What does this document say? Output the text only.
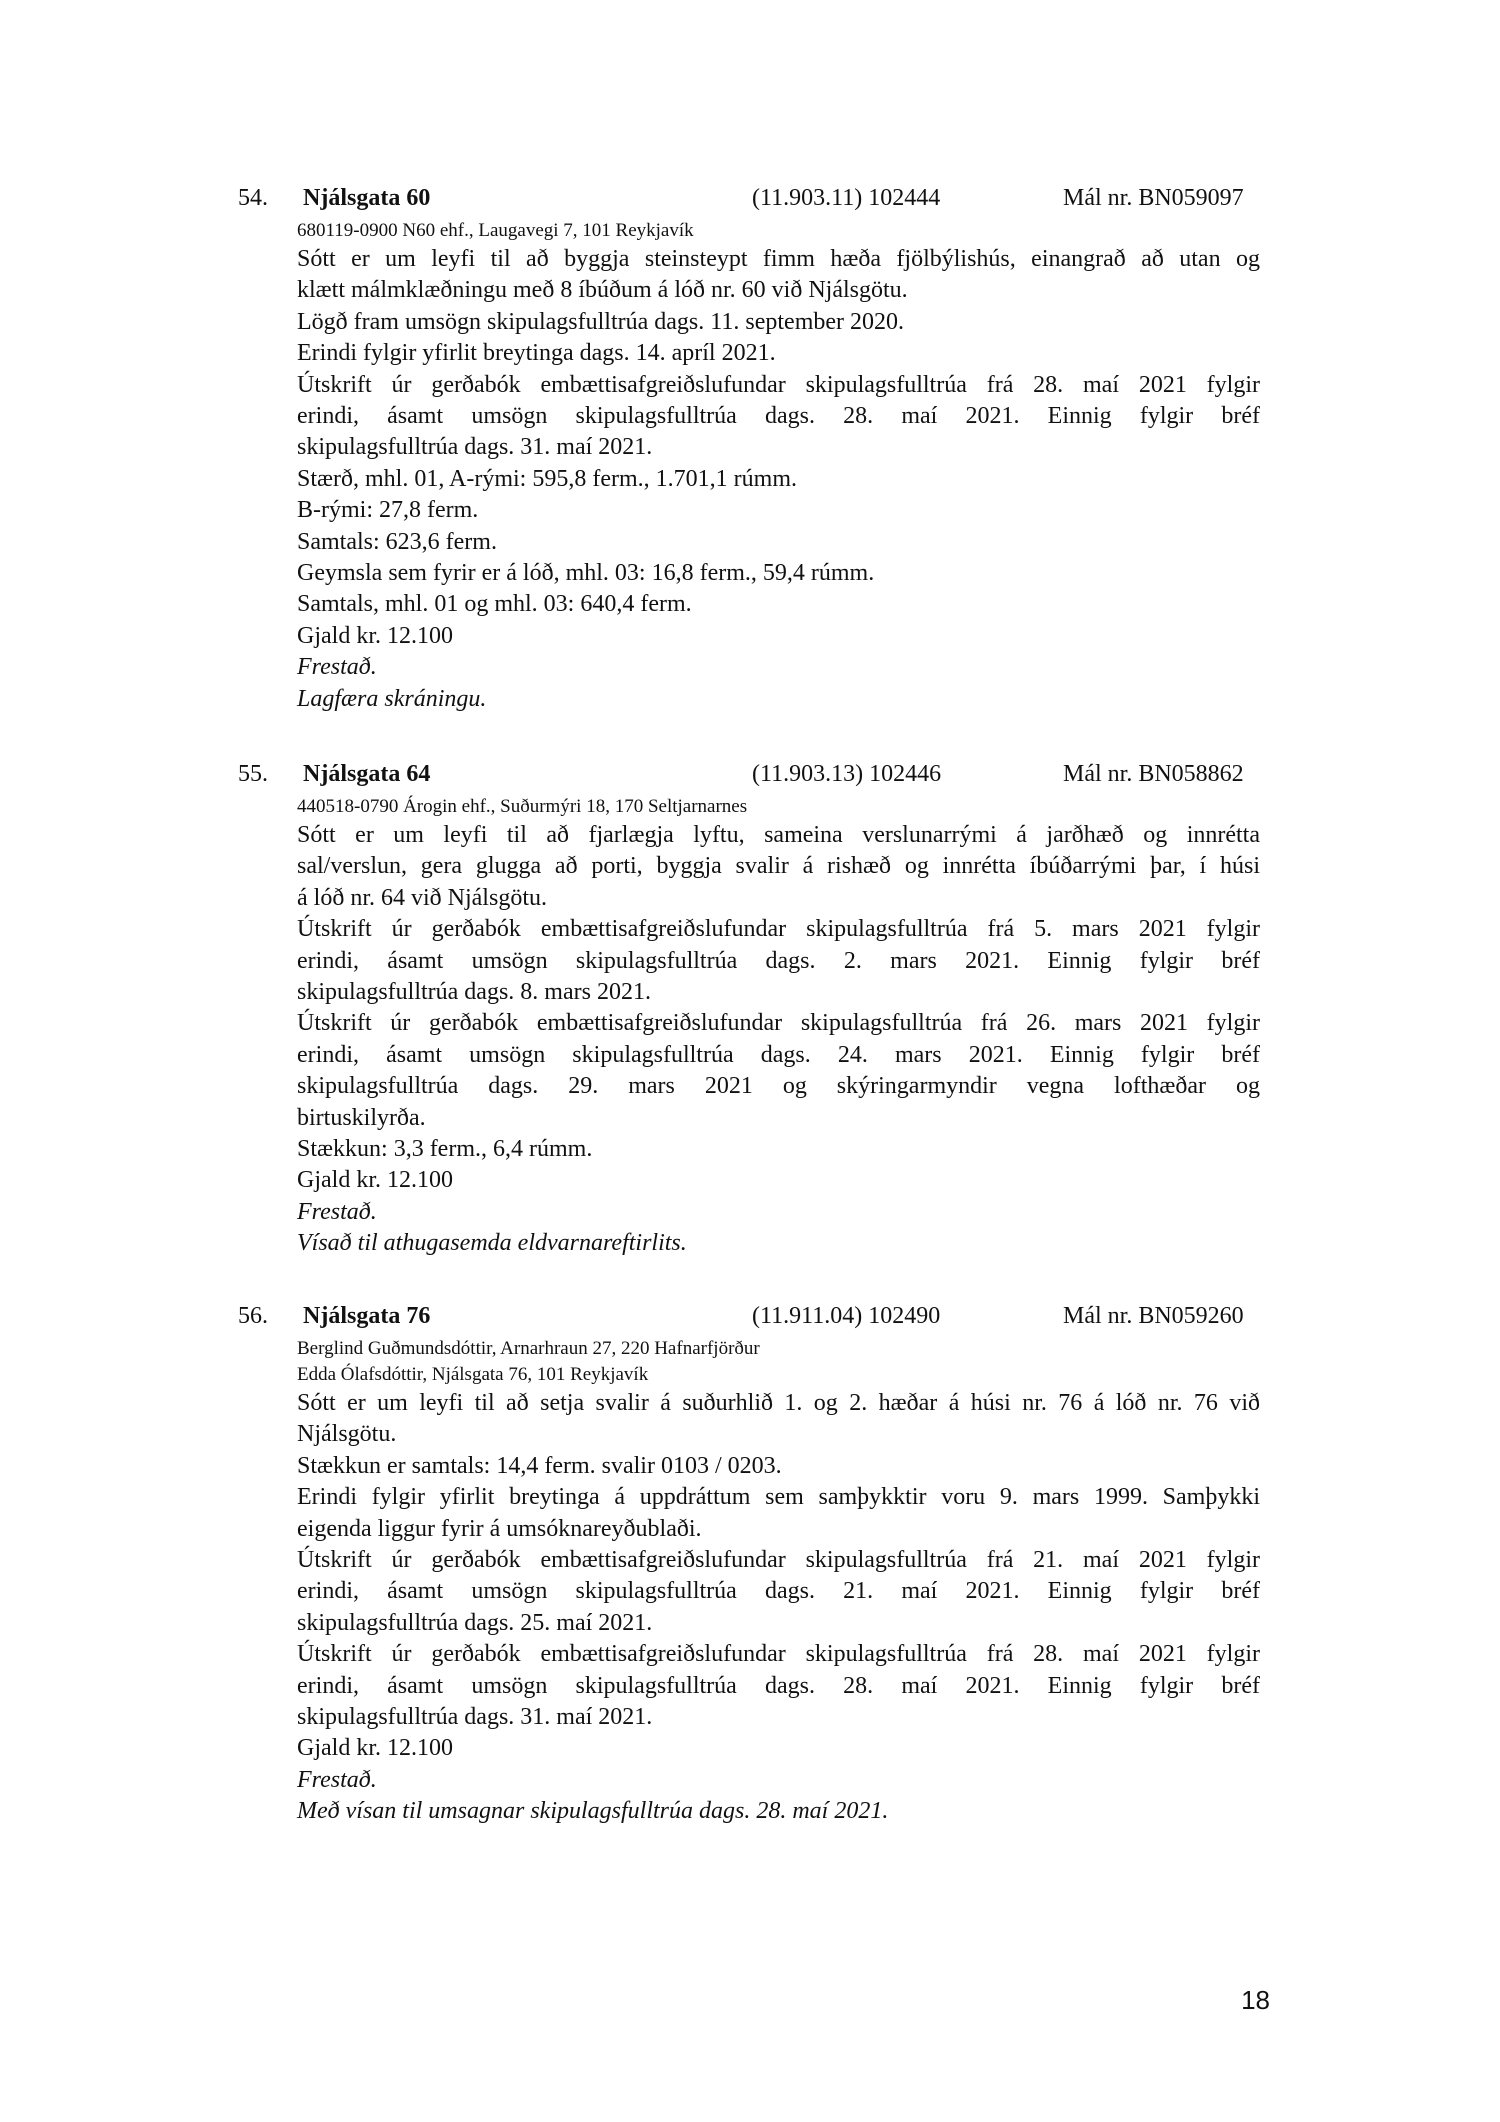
54. Njálsgata 60	(11.903.11) 102444	Mál nr. BN059097
680119-0900 N60 ehf., Laugavegi 7, 101 Reykjavík
Sótt er um leyfi til að byggja steinsteypt fimm hæða fjölbýlishús, einangrað að utan og
klætt málmklæðningu með 8 íbúðum á lóð nr. 60 við Njálsgötu.
Lögð fram umsögn skipulagsfulltrúa dags. 11. september 2020.
Erindi fylgir yfirlit breytinga dags. 14. apríl 2021.
Útskrift úr gerðabók embættisafgreiðslufundar skipulagsfulltrúa frá 28. maí 2021 fylgir
erindi, ásamt umsögn skipulagsfulltrúa dags. 28. maí 2021. Einnig fylgir bréf
skipulagsfulltrúa dags. 31. maí 2021.
Stærð, mhl. 01, A-rými: 595,8 ferm., 1.701,1 rúmm.
B-rými: 27,8 ferm.
Samtals: 623,6 ferm.
Geymsla sem fyrir er á lóð, mhl. 03: 16,8 ferm., 59,4 rúmm.
Samtals, mhl. 01 og mhl. 03: 640,4 ferm.
Gjald kr. 12.100
Frestað.
Lagfæra skráningu.
55. Njálsgata 64	(11.903.13) 102446	Mál nr. BN058862
440518-0790 Árogin ehf., Suðurmýri 18, 170 Seltjarnarnes
Sótt er um leyfi til að fjarlægja lyftu, sameina verslunarrými á jarðhæð og innrétta
sal/verslun, gera glugga að porti, byggja svalir á rishæð og innrétta íbúðarrými þar, í húsi
á lóð nr. 64 við Njálsgötu.
Útskrift úr gerðabók embættisafgreiðslufundar skipulagsfulltrúa frá 5. mars 2021 fylgir
erindi, ásamt umsögn skipulagsfulltrúa dags. 2. mars 2021. Einnig fylgir bréf
skipulagsfulltrúa dags. 8. mars 2021.
Útskrift úr gerðabók embættisafgreiðslufundar skipulagsfulltrúa frá 26. mars 2021 fylgir
erindi, ásamt umsögn skipulagsfulltrúa dags. 24. mars 2021. Einnig fylgir bréf
skipulagsfulltrúa dags. 29. mars 2021 og skýringarmyndir vegna lofthæðar og
birtuskilyrða.
Stækkun: 3,3 ferm., 6,4 rúmm.
Gjald kr. 12.100
Frestað.
Vísað til athugasemda eldvarnareftirlits.
56. Njálsgata 76	(11.911.04) 102490	Mál nr. BN059260
Berglind Guðmundsdóttir, Arnarhraun 27, 220 Hafnarfjörður
Edda Ólafsdóttir, Njálsgata 76, 101 Reykjavík
Sótt er um leyfi til að setja svalir á suðurhlið 1. og 2. hæðar á húsi nr. 76 á lóð nr. 76 við
Njálsgötu.
Stækkun er samtals: 14,4 ferm. svalir 0103 / 0203.
Erindi fylgir yfirlit breytinga á uppdráttum sem samþykktir voru 9. mars 1999. Samþykki
eigenda liggur fyrir á umsóknareyðublaði.
Útskrift úr gerðabók embættisafgreiðslufundar skipulagsfulltrúa frá 21. maí 2021 fylgir
erindi, ásamt umsögn skipulagsfulltrúa dags. 21. maí 2021. Einnig fylgir bréf
skipulagsfulltrúa dags. 25. maí 2021.
Útskrift úr gerðabók embættisafgreiðslufundar skipulagsfulltrúa frá 28. maí 2021 fylgir
erindi, ásamt umsögn skipulagsfulltrúa dags. 28. maí 2021. Einnig fylgir bréf
skipulagsfulltrúa dags. 31. maí 2021.
Gjald kr. 12.100
Frestað.
Með vísan til umsagnar skipulagsfulltrúa dags. 28. maí 2021.
18
